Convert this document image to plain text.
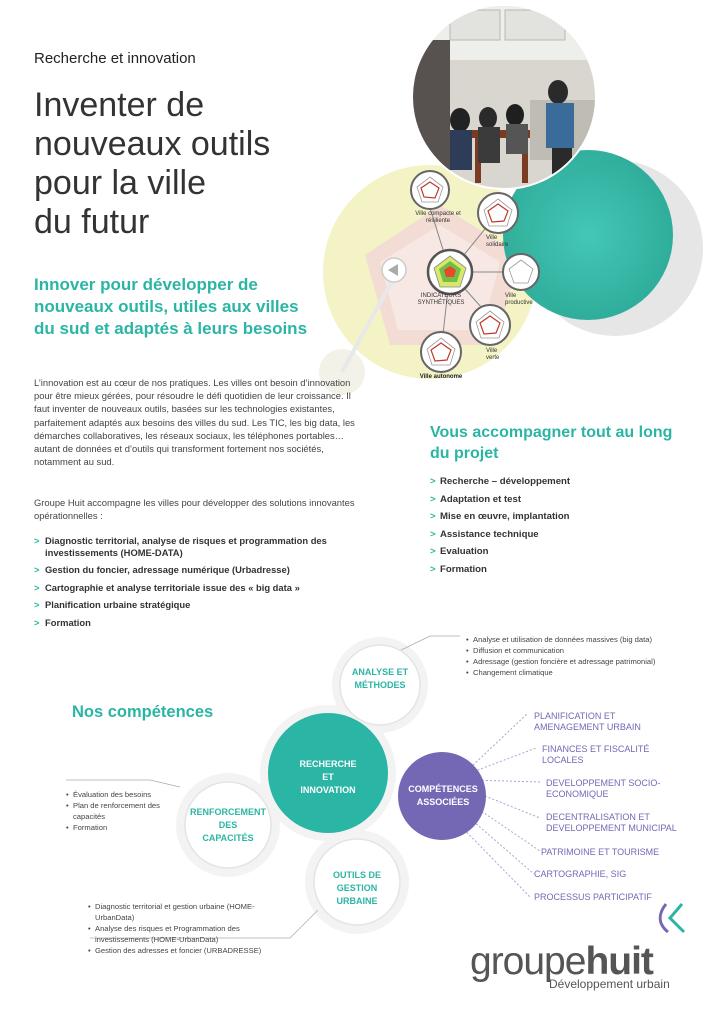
Recherche et innovation
Inventer de
nouveaux outils
pour la ville
du futur	Ville compacte et résiliente
Ville solidaire
INDICATEURS SYNTHÉTIQUES
Ville productive
Ville verte
Ville autonome
Innover pour développer de nouveaux outils, utiles aux villes du sud et adaptés à leurs besoins
L’innovation est au cœur de nos pratiques. Les villes ont besoin d’innovation pour être mieux gérées, pour résoudre le défi quotidien de leur croissance. Il faut inventer de nouveaux outils, basées sur les technologies existantes, parfaitement adaptés aux besoins des villes du sud. Les TIC, les big data, les démarches collaboratives, les réseaux sociaux, les téléphones portables… autant de données et d’outils qui transforment fortement nos sociétés, notamment au sud.
Groupe Huit accompagne les villes pour développer des solutions innovantes opérationnelles :
> Diagnostic territorial, analyse de risques et programmation des investissements (HOME-DATA)
> Gestion du foncier, adressage numérique (Urbadresse)
> Cartographie et analyse territoriale issue des « big data »
> Planification urbaine stratégique
> Formation
Vous accompagner tout au long du projet
> Recherche – développement
> Adaptation et test
> Mise en œuvre, implantation
> Assistance technique
> Evaluation
> Formation
Nos compétences
ANALYSE ET
MÉTHODES
RECHERCHE
ET
INNOVATION	COMPÉTENCES
ASSOCIÉES
RENFORCEMENT
DES
CAPACITÉS
OUTILS DE
GESTION
URBAINE
• Analyse et utilisation de données massives (big data)
• Diffusion et communication
• Adressage (gestion foncière et adressage patrimonial)
• Changement climatique
• Évaluation des besoins
• Plan de renforcement des capacités
• Formation
• Diagnostic territorial et gestion urbaine (HOME-UrbanData)
• Analyse des risques et Programmation des investissements (HOME-UrbanData)
• Gestion des adresses et foncier (URBADRESSE)
PLANIFICATION ET AMENAGEMENT URBAIN
FINANCES ET FISCALITÉ LOCALES
DEVELOPPEMENT SOCIO-ECONOMIQUE
DECENTRALISATION ET DEVELOPPEMENT MUNICIPAL
PATRIMOINE ET TOURISME
CARTOGRAPHIE, SIG
PROCESSUS PARTICIPATIF
groupehuit
Développement urbain
